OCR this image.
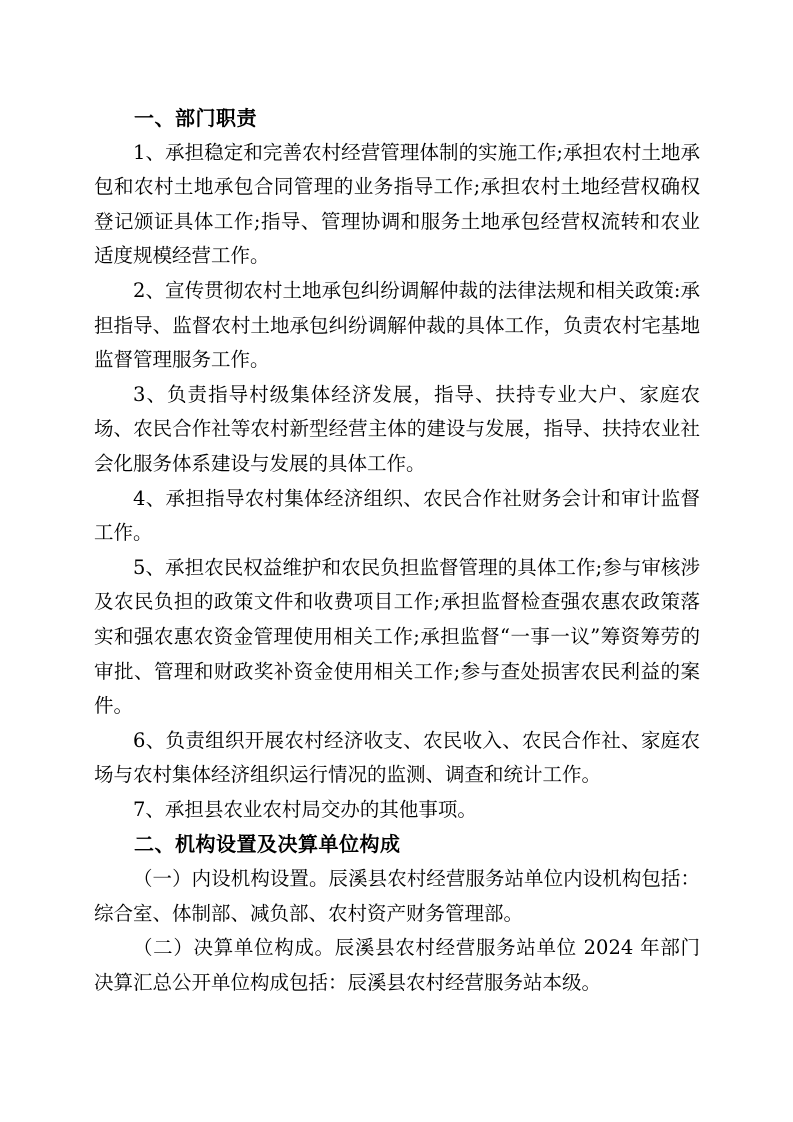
一、部门职责

1、承担稳定和完善农村经营管理体制的实施工作;承担农村土地承包和农村土地承包合同管理的业务指导工作;承担农村土地经营权确权登记颁证具体工作;指导、管理协调和服务土地承包经营权流转和农业适度规模经营工作。

2、宣传贯彻农村土地承包纠纷调解仲裁的法律法规和相关政策:承担指导、监督农村土地承包纠纷调解仲裁的具体工作，负责农村宅基地监督管理服务工作。

3、负责指导村级集体经济发展，指导、扶持专业大户、家庭农场、农民合作社等农村新型经营主体的建设与发展，指导、扶持农业社会化服务体系建设与发展的具体工作。

4、承担指导农村集体经济组织、农民合作社财务会计和审计监督工作。

5、承担农民权益维护和农民负担监督管理的具体工作;参与审核涉及农民负担的政策文件和收费项目工作;承担监督检查强农惠农政策落实和强农惠农资金管理使用相关工作;承担监督“一事一议”筹资筹劳的审批、管理和财政奖补资金使用相关工作;参与查处损害农民利益的案件。

6、负责组织开展农村经济收支、农民收入、农民合作社、家庭农场与农村集体经济组织运行情况的监测、调查和统计工作。

7、承担县农业农村局交办的其他事项。

二、机构设置及决算单位构成

（一）内设机构设置。辰溪县农村经营服务站单位内设机构包括：综合室、体制部、减负部、农村资产财务管理部。

（二）决算单位构成。辰溪县农村经营服务站单位 2024 年部门决算汇总公开单位构成包括：辰溪县农村经营服务站本级。
